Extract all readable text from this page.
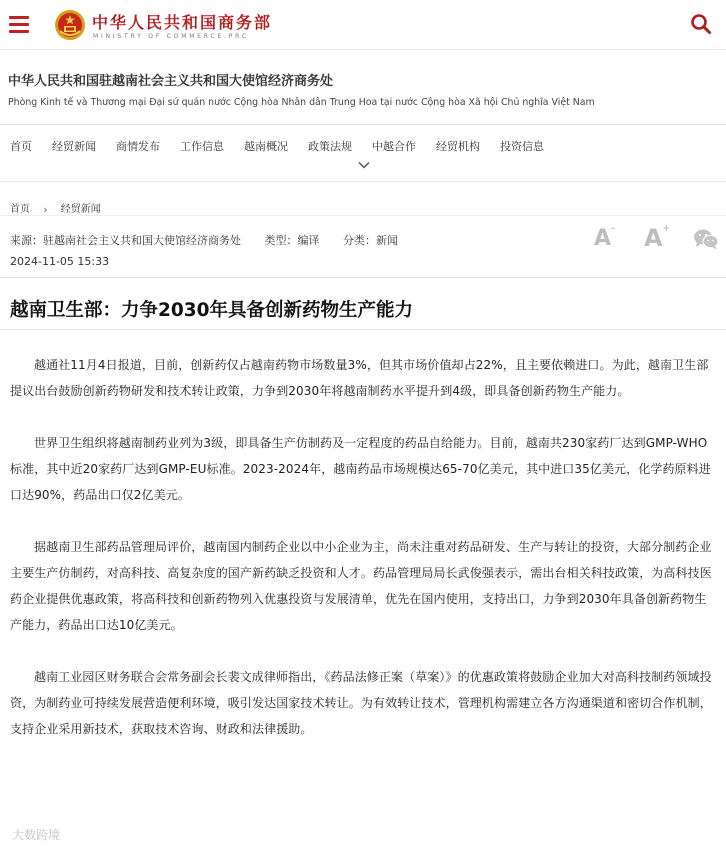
中华人民共和国商务部
MINISTRY OF COMMERCE.PRC
中华人民共和国驻越南社会主义共和国大使馆经济商务处
Phòng Kinh tế và Thương mại Đại sứ quán nước Cộng hòa Nhân dân Trung Hoa tại nước Cộng hòa Xã hội Chủ nghĩa Việt Nam
首页	经贸新闻	商情发布	工作信息	越南概况	政策法规	中越合作	经贸机构	投资信息
首页 › 经贸新闻
来源：驻越南社会主义共和国大使馆经济商务处 类型：编译 分类：新闻
2024-11-05 15:33
A- A+
越南卫生部：力争2030年具备创新药物生产能力

越通社11月4日报道，目前，创新药仅占越南药物市场数量3%，但其市场价值却占22%，且主要依赖进口。为此，越南卫生部提议出台鼓励创新药物研发和技术转让政策，力争到2030年将越南制药水平提升到4级，即具备创新药物生产能力。

世界卫生组织将越南制药业列为3级，即具备生产仿制药及一定程度的药品自给能力。目前，越南共230家药厂达到GMP-WHO标准，其中近20家药厂达到GMP-EU标准。2023-2024年，越南药品市场规模达65-70亿美元，其中进口35亿美元，化学药原料进口达90%，药品出口仅2亿美元。

据越南卫生部药品管理局评价，越南国内制药企业以中小企业为主，尚未注重对药品研发、生产与转让的投资，大部分制药企业主要生产仿制药，对高科技、高复杂度的国产新药缺乏投资和人才。药品管理局局长武俊强表示，需出台相关科技政策，为高科技医药企业提供优惠政策，将高科技和创新药物列入优惠投资与发展清单，优先在国内使用，支持出口，力争到2030年具备创新药物生产能力，药品出口达10亿美元。

越南工业园区财务联合会常务副会长裴文成律师指出，《药品法修正案（草案）》的优惠政策将鼓励企业加大对高科技制药领域投资，为制药业可持续发展营造便利环境，吸引发达国家技术转让。为有效转让技术，管理机构需建立各方沟通渠道和密切合作机制，支持企业采用新技术，获取技术咨询、财政和法律援助。

大数跨境
